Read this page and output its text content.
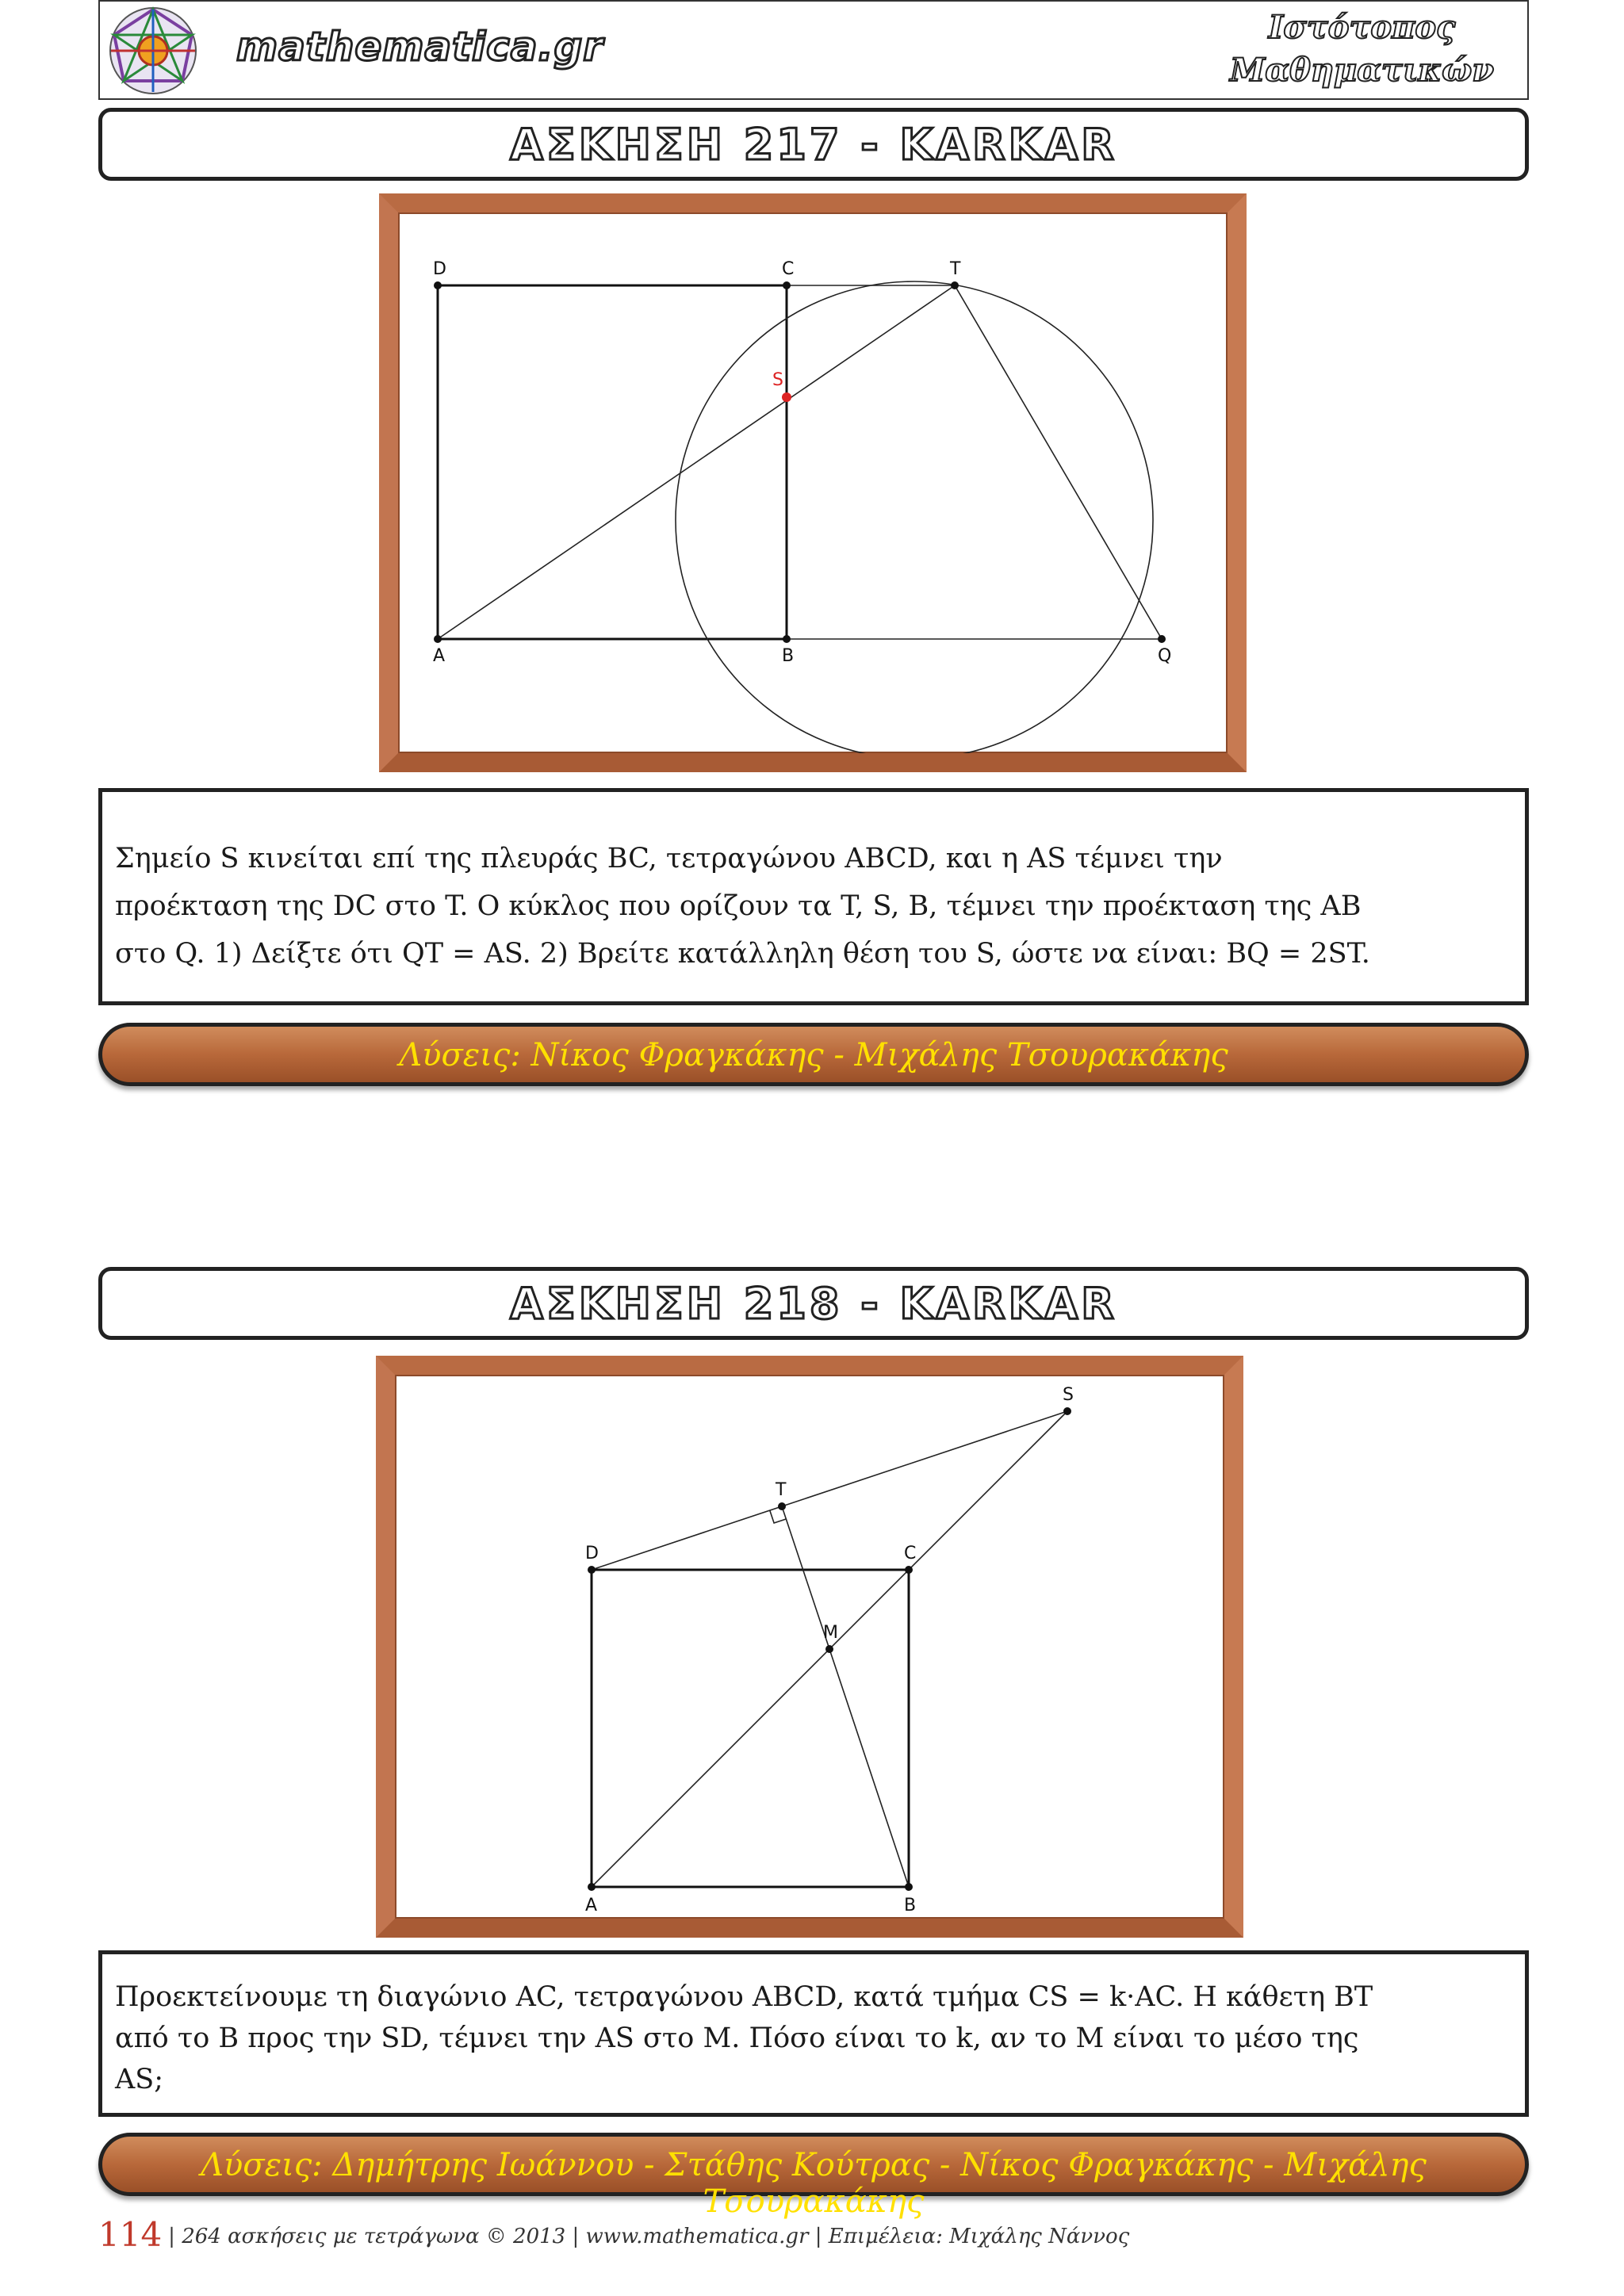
mathematica.gr	Ιστότοπος
Μαθηματικών
ΑΣΚΗΣΗ 217 - KARKAR
D	C	T
S
A	B	Q

Σημείο S κινείται επί της πλευράς BC, τετραγώνου ABCD, και η AS τέμνει την

προέκταση της DC στο T. Ο κύκλος που ορίζουν τα T, S, B, τέμνει την προέκταση της AB

στο Q. 1) Δείξτε ότι QT = AS. 2) Βρείτε κατάλληλη θέση του S, ώστε να είναι: BQ = 2ST.

Λύσεις: Νίκος Φραγκάκης - Μιχάλης Τσουρακάκης
ΑΣΚΗΣΗ 218 - KARKAR
A	B
C
D
S
T
M

Προεκτείνουμε τη διαγώνιο AC, τετραγώνου ABCD, κατά τμήμα CS = k·AC. Η κάθετη BT

από το B προς την SD, τέμνει την AS στο M. Πόσο είναι το k, αν το M είναι το μέσο της

AS;

Λύσεις: Δημήτρης Ιωάννου - Στάθης Κούτρας - Νίκος Φραγκάκης - Μιχάλης Τσουρακάκης
114 | 264 ασκήσεις με τετράγωνα © 2013 | www.mathematica.gr | Επιμέλεια: Μιχάλης Νάννος
